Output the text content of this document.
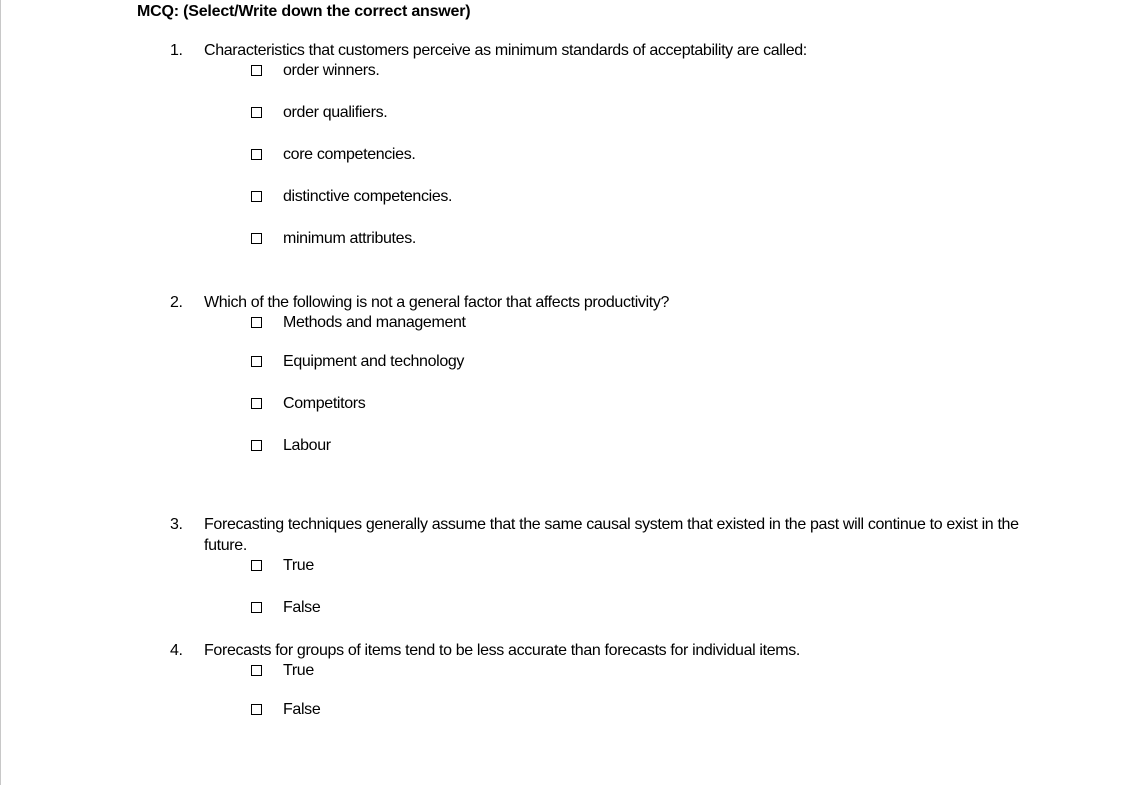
MCQ: (Select/Write down the correct answer)
1. Characteristics that customers perceive as minimum standards of acceptability are called:
order winners.
order qualifiers.
core competencies.
distinctive competencies.
minimum attributes.
2. Which of the following is not a general factor that affects productivity?
Methods and management
Equipment and technology
Competitors
Labour
3. Forecasting techniques generally assume that the same causal system that existed in the past will continue to exist in the future.
True
False
4. Forecasts for groups of items tend to be less accurate than forecasts for individual items.
True
False
